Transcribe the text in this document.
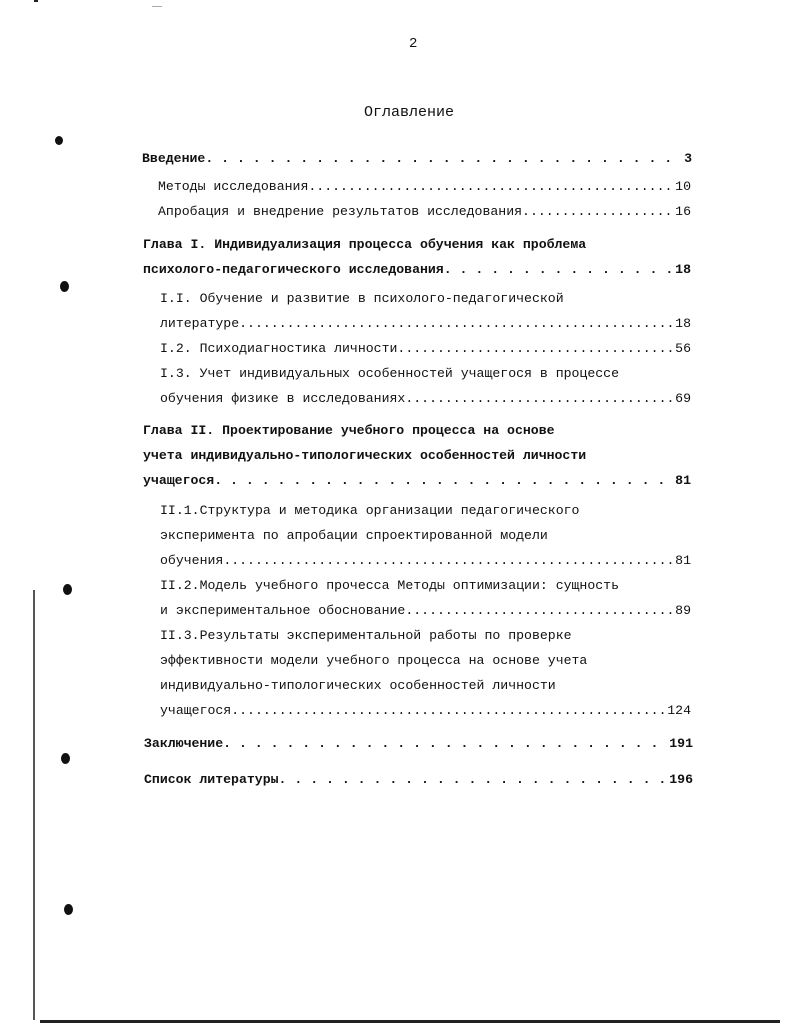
2
Оглавление
Введение . . .	3
Методы исследования .....	10
Апробация и внедрение результатов исследования .....	16
Глава I. Индивидуализация процесса обучения как проблема
психолого-педагогического исследования . . .	18
I.I. Обучение и развитие в психолого-педагогической
литературе .....	18
I.2. Психодиагностика личности .....	56
I.3. Учет индивидуальных особенностей учащегося в процессе
обучения физике в исследованиях .....	69
Глава II. Проектирование учебного процесса на основе
учета индивидуально-типологических особенностей личности
учащегося . . .	81
II.1.Структура и методика организации педагогического
эксперимента по апробации спроектированной модели
обучения .....	81
II.2.Модель учебного прочесса Методы оптимизации: сущность
и экспериментальное обоснование .....	89
II.3.Результаты экспериментальной работы по проверке
эффективности модели учебного процесса на основе учета
индивидуально-типологических особенностей личности
учащегося .....	124
Заключение . . .	191
Список литературы . . .	196
